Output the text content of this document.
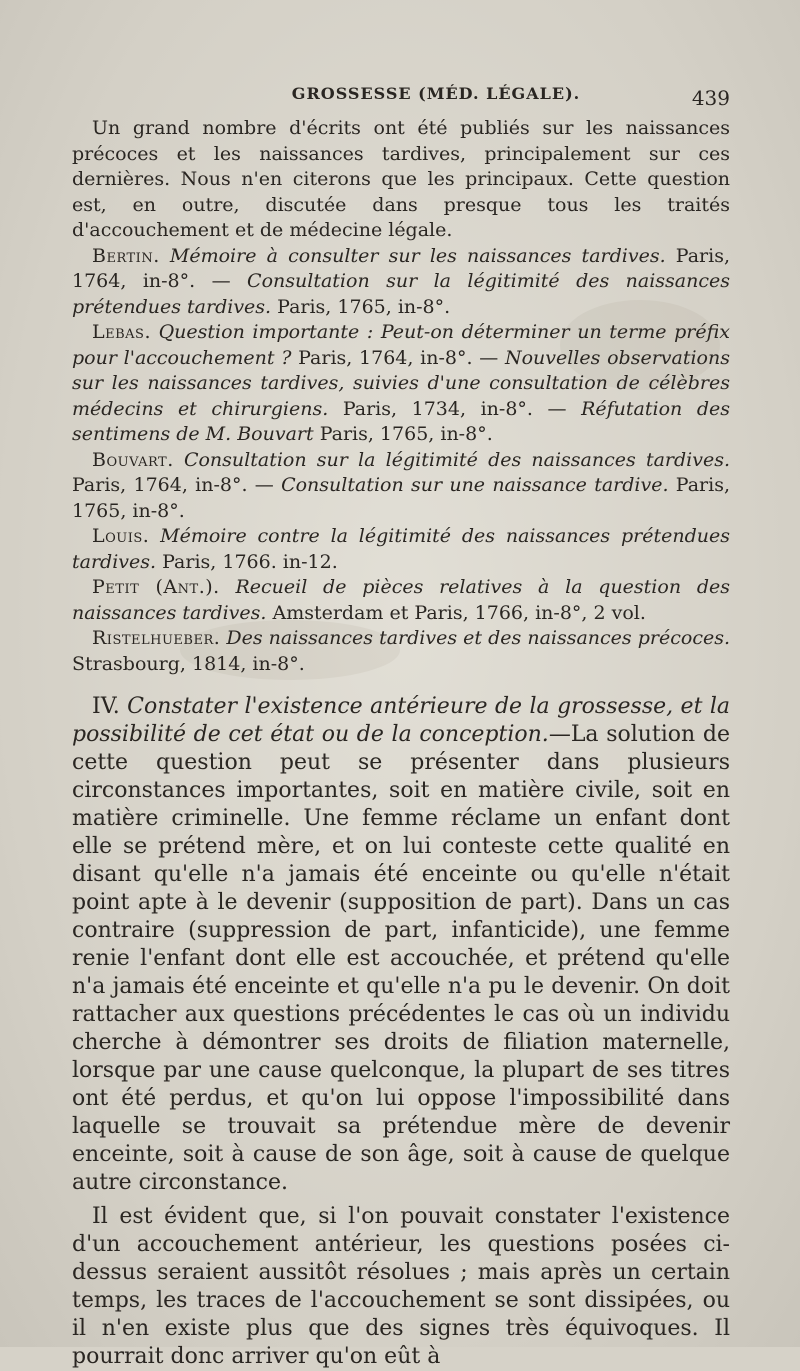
GROSSESSE (MÉD. LÉGALE).	439

Un grand nombre d'écrits ont été publiés sur les naissances précoces et les naissances tardives, principalement sur ces dernières. Nous n'en citerons que les principaux. Cette question est, en outre, discutée dans presque tous les traités d'accouchement et de médecine légale.

Bertin. Mémoire à consulter sur les naissances tardives. Paris, 1764, in-8°. — Consultation sur la légitimité des naissances prétendues tardives. Paris, 1765, in-8°.

Lebas. Question importante : Peut-on déterminer un terme préfix pour l'accouchement ? Paris, 1764, in-8°. — Nouvelles observations sur les naissances tardives, suivies d'une consultation de célèbres médecins et chirurgiens. Paris, 1734, in-8°. — Réfutation des sentimens de M. Bouvart Paris, 1765, in-8°.

Bouvart. Consultation sur la légitimité des naissances tardives. Paris, 1764, in-8°. — Consultation sur une naissance tardive. Paris, 1765, in-8°.

Louis. Mémoire contre la légitimité des naissances prétendues tardives. Paris, 1766. in-12.

Petit (Ant.). Recueil de pièces relatives à la question des naissances tardives. Amsterdam et Paris, 1766, in-8°, 2 vol.

Ristelhueber. Des naissances tardives et des naissances précoces. Strasbourg, 1814, in-8°.

IV. Constater l'existence antérieure de la grossesse, et la possibilité de cet état ou de la conception.—La solution de cette question peut se présenter dans plusieurs circonstances importantes, soit en matière civile, soit en matière criminelle. Une femme réclame un enfant dont elle se prétend mère, et on lui conteste cette qualité en disant qu'elle n'a jamais été enceinte ou qu'elle n'était point apte à le devenir (supposition de part). Dans un cas contraire (suppression de part, infanticide), une femme renie l'enfant dont elle est accouchée, et prétend qu'elle n'a jamais été enceinte et qu'elle n'a pu le devenir. On doit rattacher aux questions précédentes le cas où un individu cherche à démontrer ses droits de filiation maternelle, lorsque par une cause quelconque, la plupart de ses titres ont été perdus, et qu'on lui oppose l'impossibilité dans laquelle se trouvait sa prétendue mère de devenir enceinte, soit à cause de son âge, soit à cause de quelque autre circonstance.

Il est évident que, si l'on pouvait constater l'existence d'un accouchement antérieur, les questions posées ci-dessus seraient aussitôt résolues ; mais après un certain temps, les traces de l'accouchement se sont dissipées, ou il n'en existe plus que des signes très équivoques. Il pourrait donc arriver qu'on eût à
